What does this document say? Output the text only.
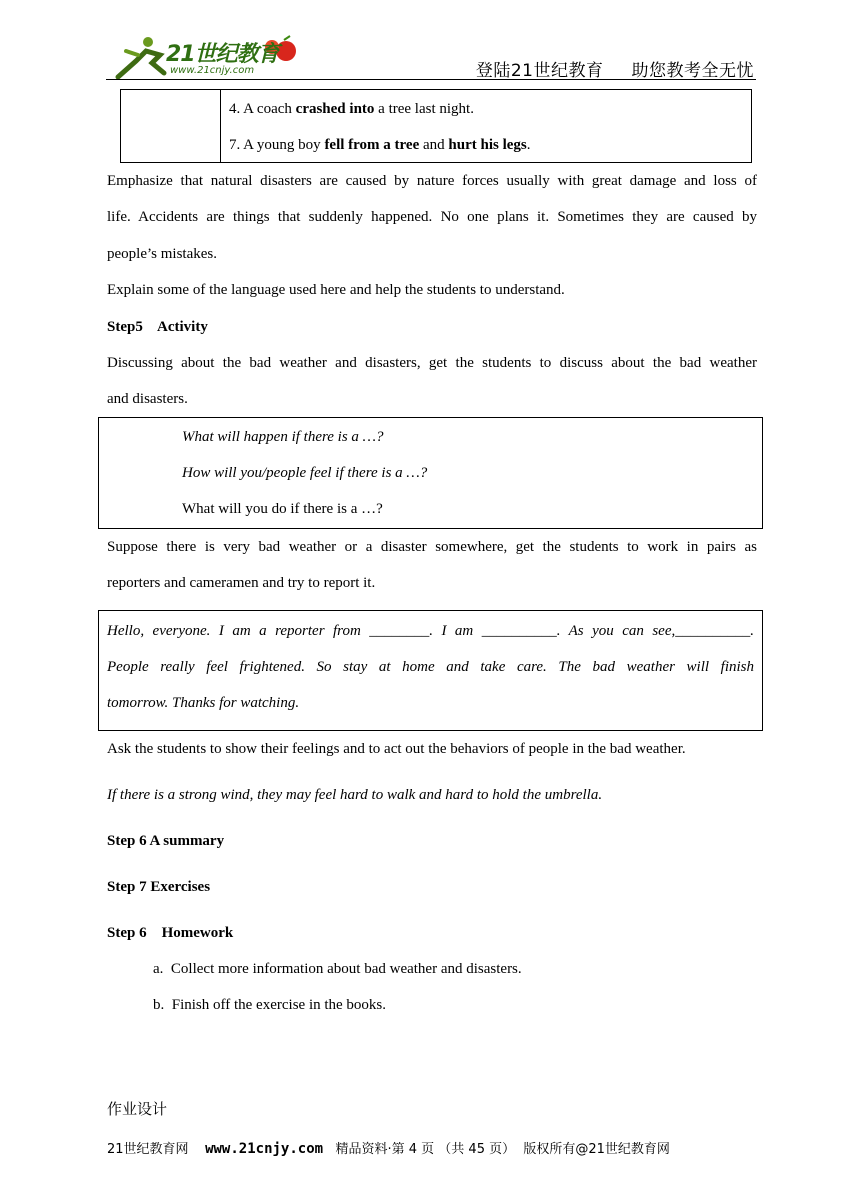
21世纪教育
www.21cnjy.com	登陆21世纪教育 助您教考全无忧
4. A coach crashed into a tree last night.
7. A young boy fell from a tree and hurt his legs.
Emphasize that natural disasters are caused by nature forces usually with great damage and loss of
life. Accidents are things that suddenly happened. No one plans it. Sometimes they are caused by
people’s mistakes.
Explain some of the language used here and help the students to understand.
Step5    Activity
Discussing about the bad weather and disasters, get the students to discuss about the bad weather
and disasters.
What will happen if there is a …?
How will you/people feel if there is a …?
What will you do if there is a …?
Suppose there is very bad weather or a disaster somewhere, get the students to work in pairs as
reporters and cameramen and try to report it.
Hello, everyone. I am a reporter from ________. I am __________. As you can see,__________.
People really feel frightened. So stay at home and take care. The bad weather will finish
tomorrow. Thanks for watching.
Ask the students to show their feelings and to act out the behaviors of people in the bad weather.
If there is a strong wind, they may feel hard to walk and hard to hold the umbrella.
Step 6 A summary
Step 7 Exercises
Step 6    Homework
a. Collect more information about bad weather and disasters.
b. Finish off the exercise in the books.
作业设计
21世纪教育网 www.21cnjy.com 精品资料·第 4 页 （共 45 页） 版权所有@21世纪教育网
